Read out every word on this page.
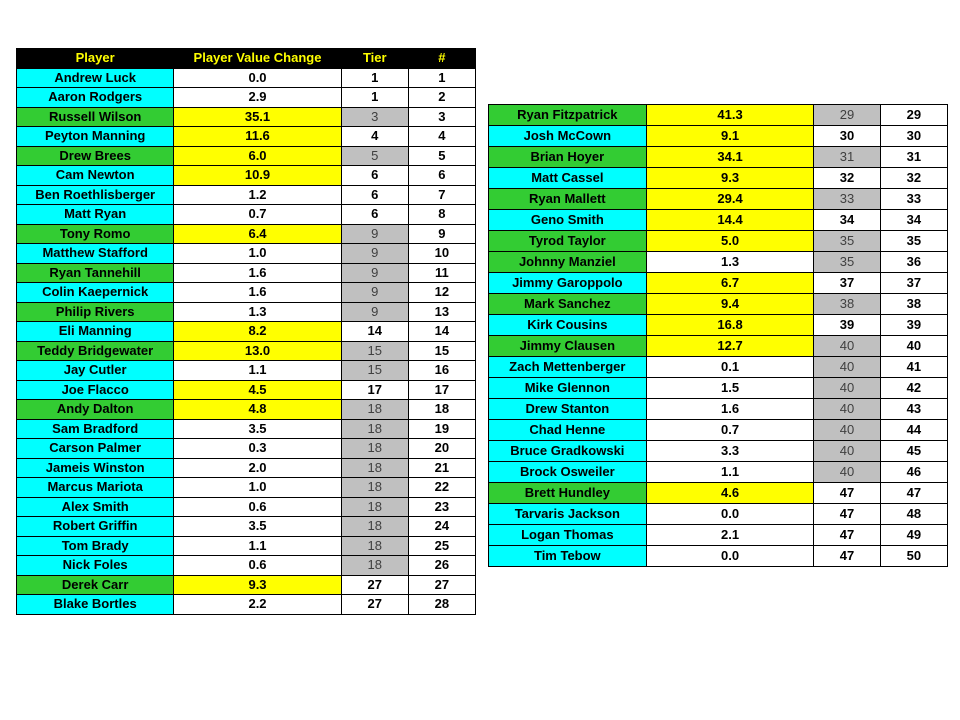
Player	Player Value Change	Tier	#
Andrew Luck	0.0	1	1
Aaron Rodgers	2.9	1	2
Russell Wilson	35.1	3	3
Peyton Manning	11.6	4	4
Drew Brees	6.0	5	5
Cam Newton	10.9	6	6
Ben Roethlisberger	1.2	6	7
Matt Ryan	0.7	6	8
Tony Romo	6.4	9	9
Matthew Stafford	1.0	9	10
Ryan Tannehill	1.6	9	11
Colin Kaepernick	1.6	9	12
Philip Rivers	1.3	9	13
Eli Manning	8.2	14	14
Teddy Bridgewater	13.0	15	15
Jay Cutler	1.1	15	16
Joe Flacco	4.5	17	17
Andy Dalton	4.8	18	18
Sam Bradford	3.5	18	19
Carson Palmer	0.3	18	20
Jameis Winston	2.0	18	21
Marcus Mariota	1.0	18	22
Alex Smith	0.6	18	23
Robert Griffin	3.5	18	24
Tom Brady	1.1	18	25
Nick Foles	0.6	18	26
Derek Carr	9.3	27	27
Blake Bortles	2.2	27	28
Ryan Fitzpatrick	41.3	29	29
Josh McCown	9.1	30	30
Brian Hoyer	34.1	31	31
Matt Cassel	9.3	32	32
Ryan Mallett	29.4	33	33
Geno Smith	14.4	34	34
Tyrod Taylor	5.0	35	35
Johnny Manziel	1.3	35	36
Jimmy Garoppolo	6.7	37	37
Mark Sanchez	9.4	38	38
Kirk Cousins	16.8	39	39
Jimmy Clausen	12.7	40	40
Zach Mettenberger	0.1	40	41
Mike Glennon	1.5	40	42
Drew Stanton	1.6	40	43
Chad Henne	0.7	40	44
Bruce Gradkowski	3.3	40	45
Brock Osweiler	1.1	40	46
Brett Hundley	4.6	47	47
Tarvaris Jackson	0.0	47	48
Logan Thomas	2.1	47	49
Tim Tebow	0.0	47	50
